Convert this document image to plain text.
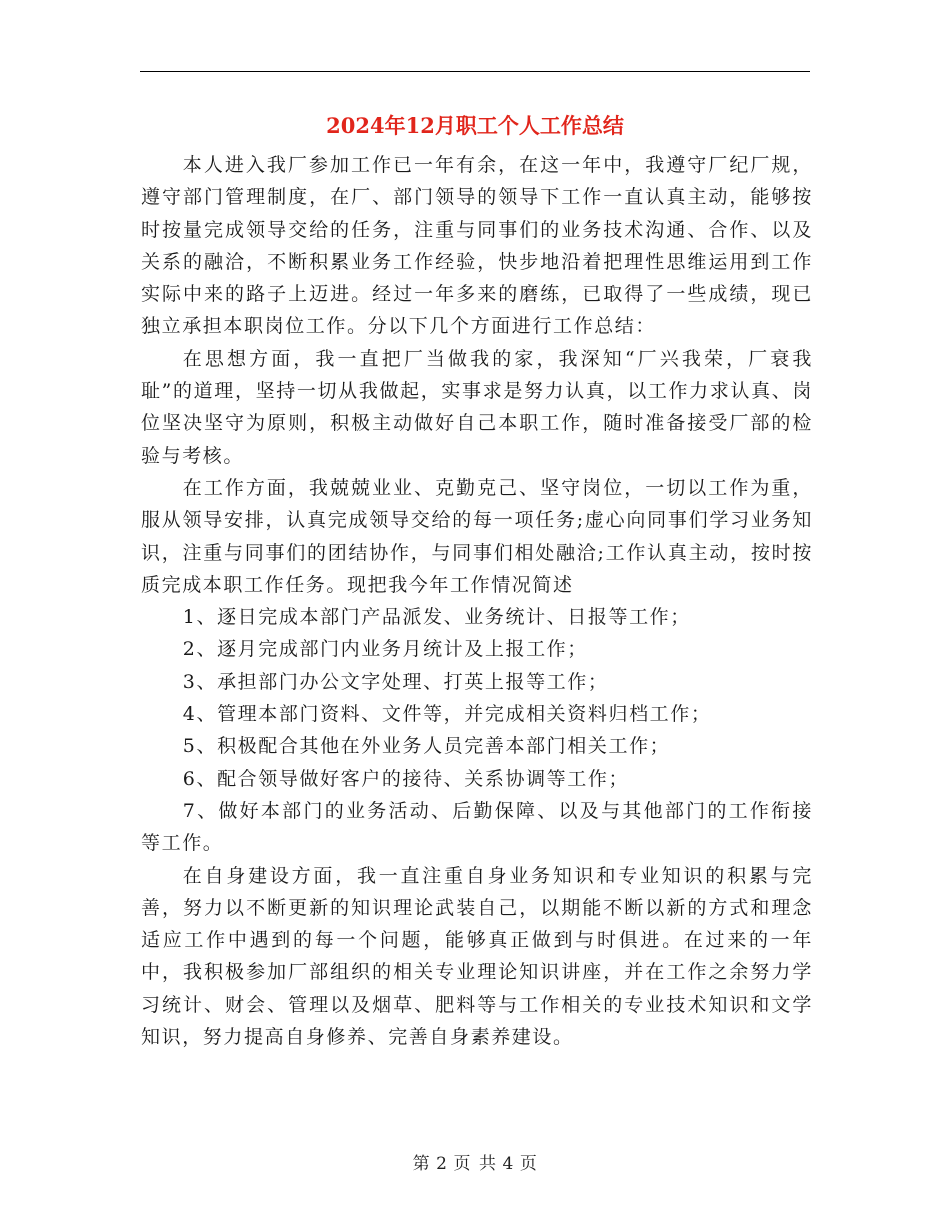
2024年12月职工个人工作总结

本人进入我厂参加工作已一年有余，在这一年中，我遵守厂纪厂规，遵守部门管理制度，在厂、部门领导的领导下工作一直认真主动，能够按时按量完成领导交给的任务，注重与同事们的业务技术沟通、合作、以及关系的融洽，不断积累业务工作经验，快步地沿着把理性思维运用到工作实际中来的路子上迈进。经过一年多来的磨练，已取得了一些成绩，现已独立承担本职岗位工作。分以下几个方面进行工作总结：

在思想方面，我一直把厂当做我的家，我深知“厂兴我荣，厂衰我耻”的道理，坚持一切从我做起，实事求是努力认真，以工作力求认真、岗位坚决坚守为原则，积极主动做好自己本职工作，随时准备接受厂部的检验与考核。

在工作方面，我兢兢业业、克勤克己、坚守岗位，一切以工作为重，服从领导安排，认真完成领导交给的每一项任务;虚心向同事们学习业务知识，注重与同事们的团结协作，与同事们相处融洽;工作认真主动，按时按质完成本职工作任务。现把我今年工作情况简述

1、逐日完成本部门产品派发、业务统计、日报等工作；

2、逐月完成部门内业务月统计及上报工作；

3、承担部门办公文字处理、打英上报等工作；

4、管理本部门资料、文件等，并完成相关资料归档工作；

5、积极配合其他在外业务人员完善本部门相关工作；

6、配合领导做好客户的接待、关系协调等工作；

7、做好本部门的业务活动、后勤保障、以及与其他部门的工作衔接等工作。

在自身建设方面，我一直注重自身业务知识和专业知识的积累与完善，努力以不断更新的知识理论武装自己，以期能不断以新的方式和理念适应工作中遇到的每一个问题，能够真正做到与时俱进。在过来的一年中，我积极参加厂部组织的相关专业理论知识讲座，并在工作之余努力学习统计、财会、管理以及烟草、肥料等与工作相关的专业技术知识和文学知识，努力提高自身修养、完善自身素养建设。

第 2 页 共 4 页
